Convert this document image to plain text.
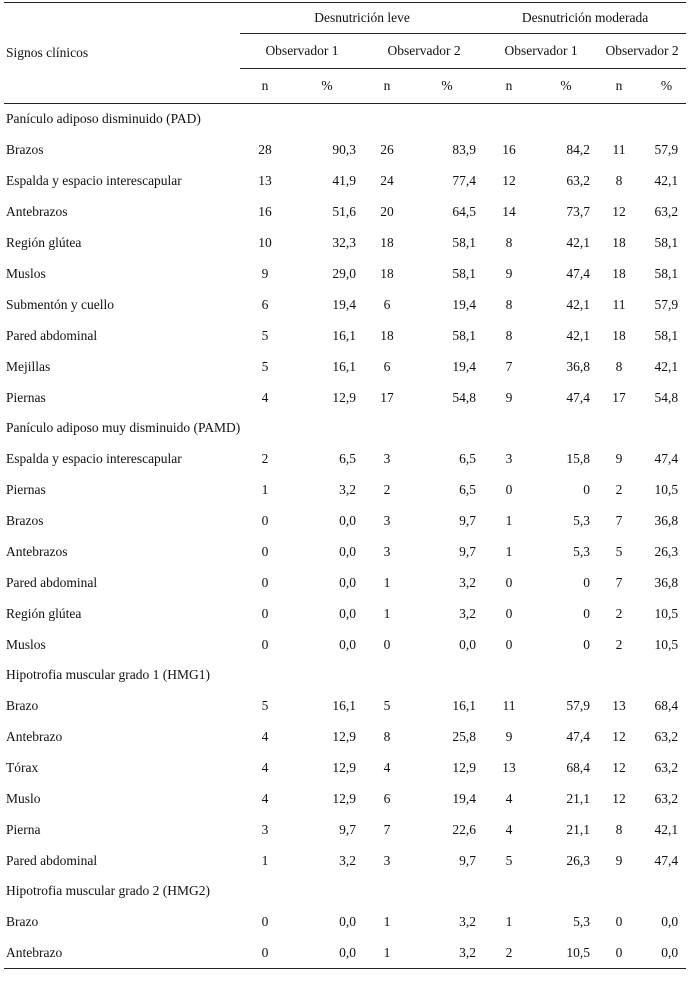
Signos clínicos	Desnutrición leve				Desnutrición moderada			
	Observador 1		Observador 2		Observador 1		Observador 2	
	n	%	n	%	n	%	n	%
Panículo adiposo disminuido (PAD)								
Brazos	28	90,3	26	83,9	16	84,2	11	57,9
Espalda y espacio interescapular	13	41,9	24	77,4	12	63,2	8	42,1
Antebrazos	16	51,6	20	64,5	14	73,7	12	63,2
Región glútea	10	32,3	18	58,1	8	42,1	18	58,1
Muslos	9	29,0	18	58,1	9	47,4	18	58,1
Submentón y cuello	6	19,4	6	19,4	8	42,1	11	57,9
Pared abdominal	5	16,1	18	58,1	8	42,1	18	58,1
Mejillas	5	16,1	6	19,4	7	36,8	8	42,1
Piernas	4	12,9	17	54,8	9	47,4	17	54,8
Panículo adiposo muy disminuido (PAMD)								
Espalda y espacio interescapular	2	6,5	3	6,5	3	15,8	9	47,4
Piernas	1	3,2	2	6,5	0	0	2	10,5
Brazos	0	0,0	3	9,7	1	5,3	7	36,8
Antebrazos	0	0,0	3	9,7	1	5,3	5	26,3
Pared abdominal	0	0,0	1	3,2	0	0	7	36,8
Región glútea	0	0,0	1	3,2	0	0	2	10,5
Muslos	0	0,0	0	0,0	0	0	2	10,5
Hipotrofia muscular grado 1 (HMG1)								
Brazo	5	16,1	5	16,1	11	57,9	13	68,4
Antebrazo	4	12,9	8	25,8	9	47,4	12	63,2
Tórax	4	12,9	4	12,9	13	68,4	12	63,2
Muslo	4	12,9	6	19,4	4	21,1	12	63,2
Pierna	3	9,7	7	22,6	4	21,1	8	42,1
Pared abdominal	1	3,2	3	9,7	5	26,3	9	47,4
Hipotrofia muscular grado 2 (HMG2)								
Brazo	0	0,0	1	3,2	1	5,3	0	0,0
Antebrazo	0	0,0	1	3,2	2	10,5	0	0,0
